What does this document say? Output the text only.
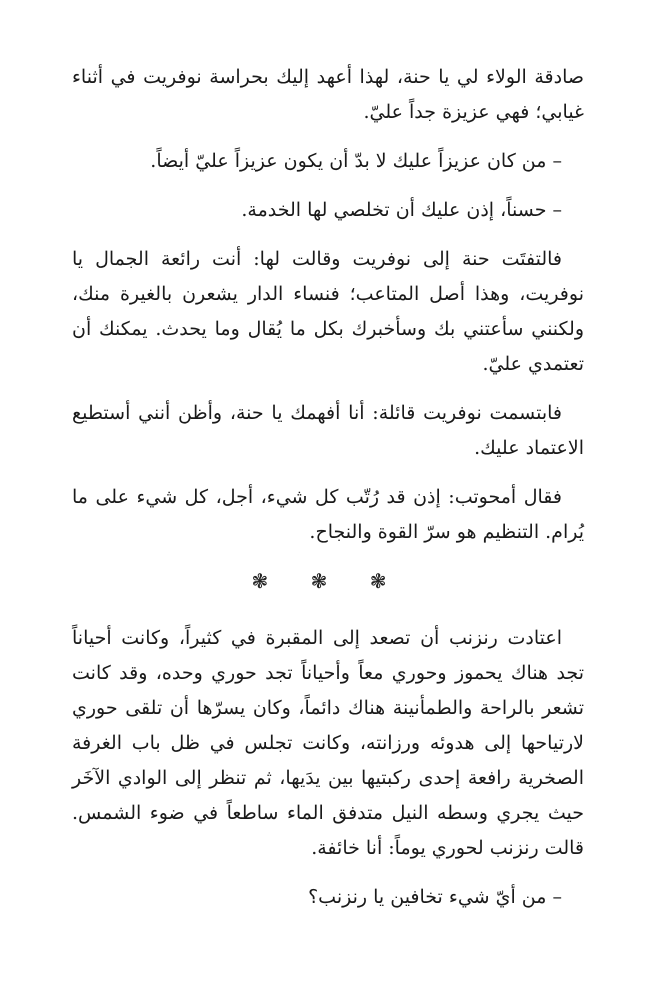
صادقة الولاء لي يا حنة، لهذا أعهد إليك بحراسة نوفريت في أثناء غيابي؛ فهي عزيزة جداً عليّ.

– من كان عزيزاً عليك لا بدّ أن يكون عزيزاً عليّ أيضاً.

– حسناً، إذن عليك أن تخلصي لها الخدمة.

فالتفتَت حنة إلى نوفريت وقالت لها: أنت رائعة الجمال يا نوفريت، وهذا أصل المتاعب؛ فنساء الدار يشعرن بالغيرة منك، ولكنني سأعتني بك وسأخبرك بكل ما يُقال وما يحدث. يمكنك أن تعتمدي عليّ.

فابتسمت نوفريت قائلة: أنا أفهمك يا حنة، وأظن أنني أستطيع الاعتماد عليك.

فقال أمحوتب: إذن قد رُتّب كل شيء، أجل، كل شيء على ما يُرام. التنظيم هو سرّ القوة والنجاح.

❃ ❃ ❃

اعتادت رنزنب أن تصعد إلى المقبرة في كثيراً، وكانت أحياناً تجد هناك يحموز وحوري معاً وأحياناً تجد حوري وحده، وقد كانت تشعر بالراحة والطمأنينة هناك دائماً، وكان يسرّها أن تلقى حوري لارتياحها إلى هدوئه ورزانته، وكانت تجلس في ظل باب الغرفة الصخرية رافعة إحدى ركبتيها بين يدَيها، ثم تنظر إلى الوادي الآخَر حيث يجري وسطه النيل متدفق الماء ساطعاً في ضوء الشمس. قالت رنزنب لحوري يوماً: أنا خائفة.

– من أيّ شيء تخافين يا رنزنب؟
